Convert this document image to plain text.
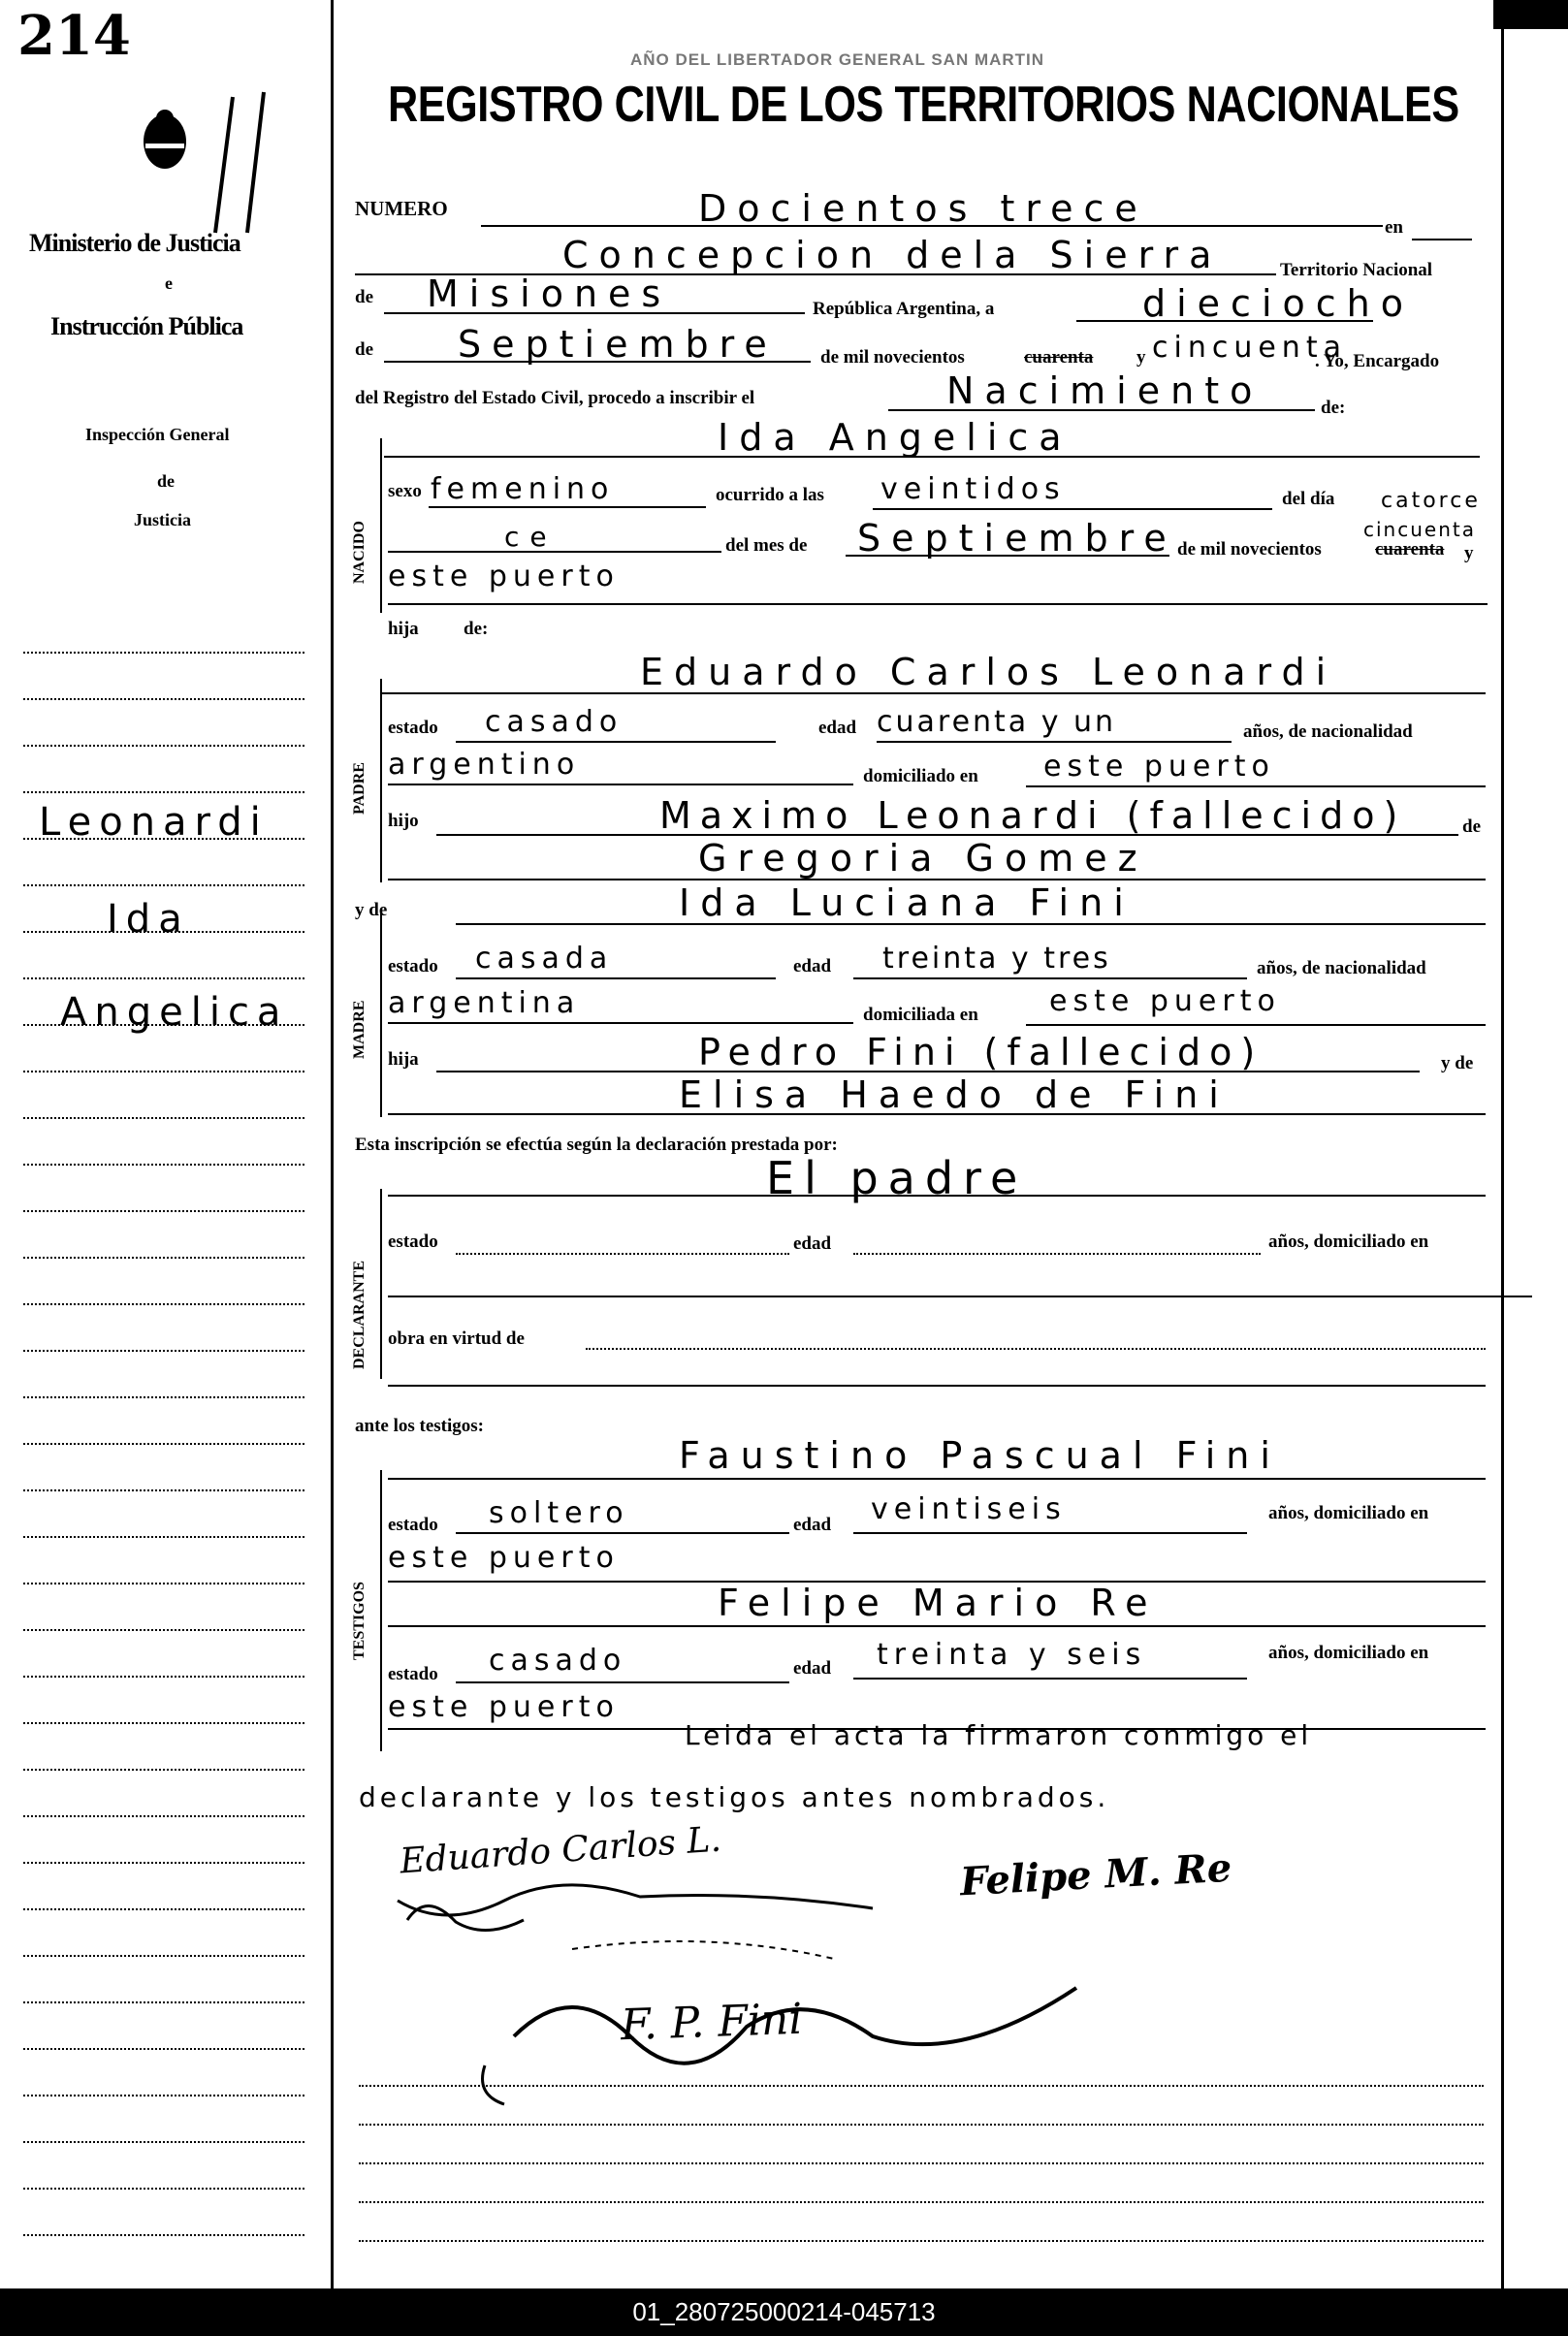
214
Ministerio de Justicia
e
Instrucción Pública
Inspección General
de
Justicia
Leonardi
Ida
Angelica
AÑO DEL LIBERTADOR GENERAL SAN MARTIN
REGISTRO CIVIL DE LOS TERRITORIOS NACIONALES
NUMERO	Docientos trece	en
Concepcion dela Sierra	Territorio Nacional
de Misiones	República Argentina, a	dieciocho
de Septiembre de mil novecientos	cuarenta y cincuenta
. Yo, Encargado
del Registro del Estado Civil, procedo a inscribir el	Nacimiento	de:
NACIDO
Ida Angelica
sexo femenino	ocurrido a las veintidos	del día catorce
ce	del mes de Septiembre de mil novecientos	cuarenta y
cincuenta
este puerto
hija de:
Eduardo Carlos Leonardi
PADRE
estado casado	edad cuarenta y un	años, de nacionalidad
argentino	domiciliado en este puerto
hijo	Maximo Leonardi (fallecido)	de
Gregoria Gomez
y de	Ida Luciana Fini
MADRE
estado casada	edad treinta y tres	años, de nacionalidad
argentina	domiciliada en este puerto
hija	Pedro Fini (fallecido)	y de
Elisa Haedo de Fini
Esta inscripción se efectúa según la declaración prestada por:
El padre
DECLARANTE
estado	edad	años, domiciliado en
obra en virtud de
ante los testigos:
Faustino Pascual Fini
TESTIGOS
estado soltero	edad veintiseis	años, domiciliado en
este puerto
Felipe Mario Re
estado casado	edad treinta y seis	años, domiciliado en
este puerto
Leida el acta la firmaron conmigo el
declarante y los testigos antes nombrados.
Eduardo Carlos L.	Felipe M. Re
F. P. Fini
01_280725000214-045713
